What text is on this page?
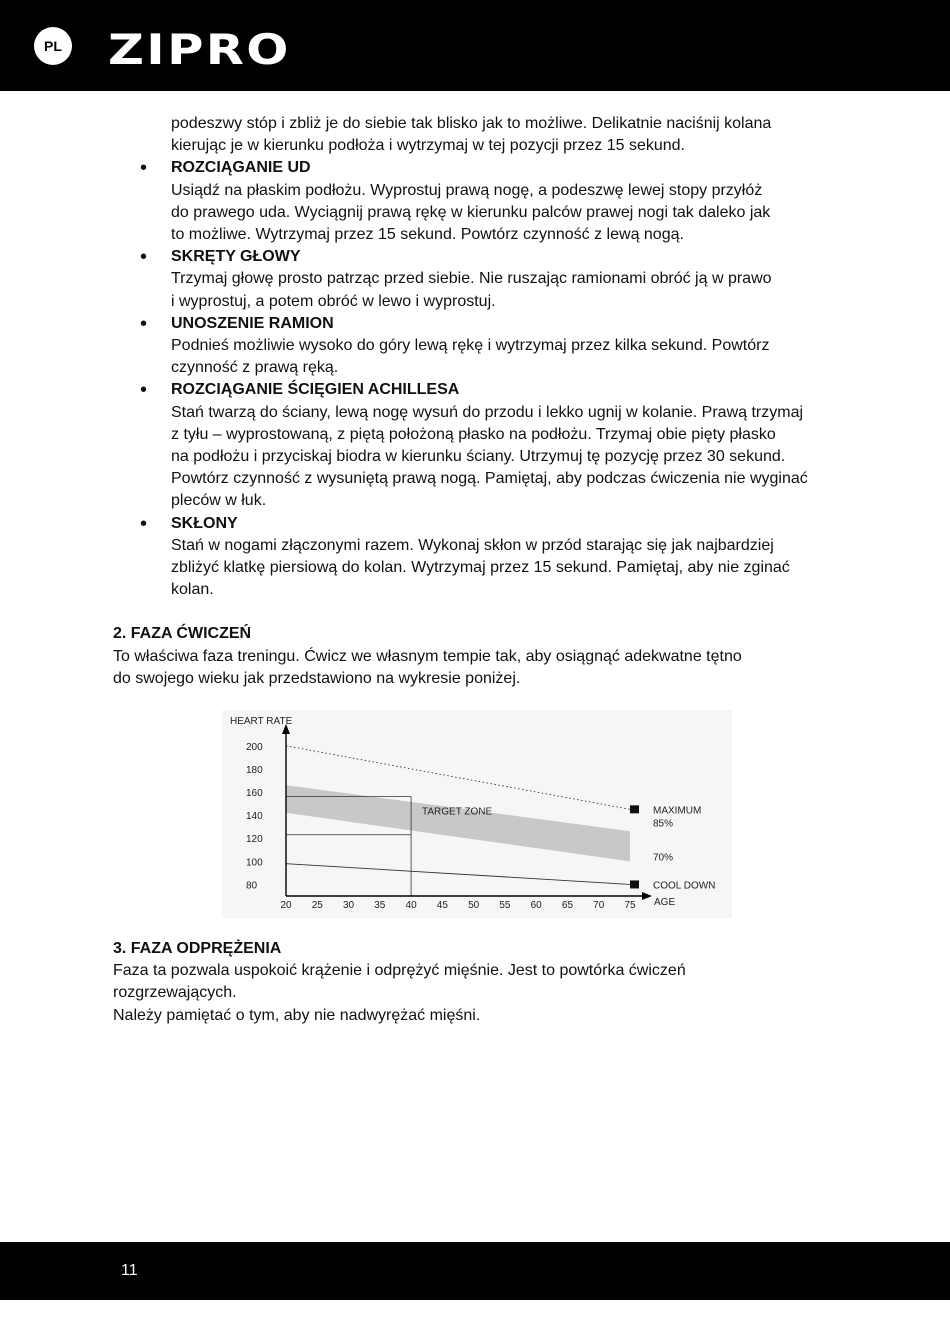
PL ZIPRO

podeszwy stóp i zbliż je do siebie tak blisko jak to możliwe. Delikatnie naciśnij kolana

kierując je w kierunku podłoża i wytrzymaj w tej pozycji przez 15 sekund.

• ROZCIĄGANIE UD
Usiądź na płaskim podłożu. Wyprostuj prawą nogę, a podeszwę lewej stopy przyłóż
do prawego uda. Wyciągnij prawą rękę w kierunku palców prawej nogi tak daleko jak
to możliwe. Wytrzymaj przez 15 sekund. Powtórz czynność z lewą nogą.
• SKRĘTY GŁOWY
Trzymaj głowę prosto patrząc przed siebie. Nie ruszając ramionami obróć ją w prawo
i wyprostuj, a potem obróć w lewo i wyprostuj.
• UNOSZENIE RAMION
Podnieś możliwie wysoko do góry lewą rękę i wytrzymaj przez kilka sekund. Powtórz
czynność z prawą ręką.
• ROZCIĄGANIE ŚCIĘGIEN ACHILLESA
Stań twarzą do ściany, lewą nogę wysuń do przodu i lekko ugnij w kolanie. Prawą trzymaj
z tyłu – wyprostowaną, z piętą położoną płasko na podłożu. Trzymaj obie pięty płasko
na podłożu i przyciskaj biodra w kierunku ściany. Utrzymuj tę pozycję przez 30 sekund.
Powtórz czynność z wysuniętą prawą nogą. Pamiętaj, aby podczas ćwiczenia nie wyginać
pleców w łuk.
• SKŁONY
Stań w nogami złączonymi razem. Wykonaj skłon w przód starając się jak najbardziej
zbliżyć klatkę piersiową do kolan. Wytrzymaj przez 15 sekund. Pamiętaj, aby nie zginać
kolan.

2. FAZA ĆWICZEŃ

To właściwa faza treningu. Ćwicz we własnym tempie tak, aby osiągnąć adekwatne tętno

do swojego wieku jak przedstawiono na wykresie poniżej.

MAXIMUM
COOL DOWN
TARGET ZONE
85%
70%
80
100
120
140
160
180
200
20 25 30 35 40 45 50 55 60 65 70 75
HEART RATE
AGE

3. FAZA ODPRĘŻENIA

Faza ta pozwala uspokoić krążenie i odprężyć mięśnie. Jest to powtórka ćwiczeń

rozgrzewających.

Należy pamiętać o tym, aby nie nadwyrężać mięśni.

11
